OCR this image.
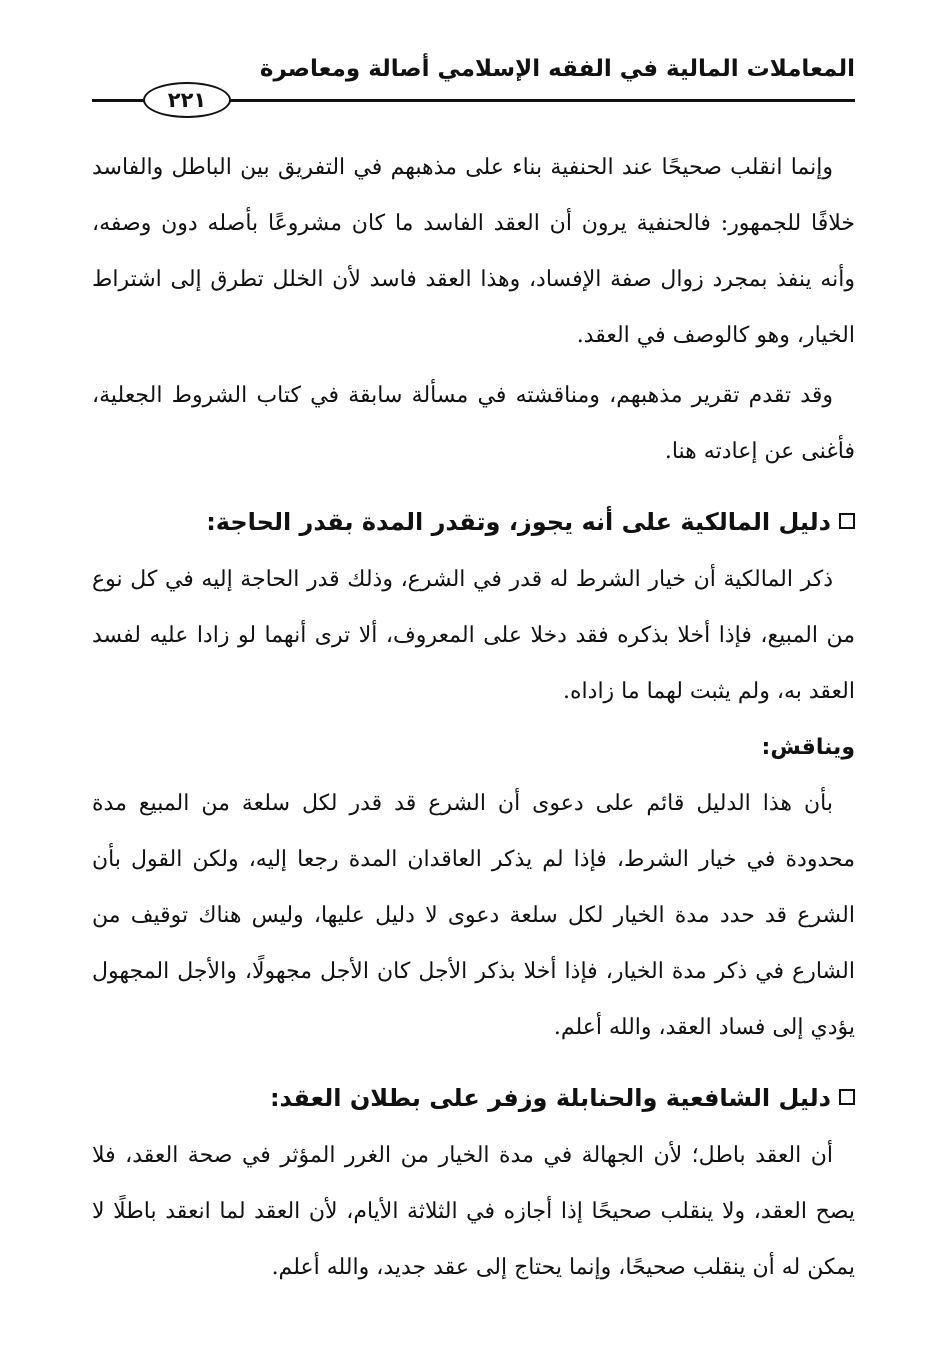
المعاملات المالية في الفقه الإسلامي أصالة ومعاصرة
٢٢١

وإنما انقلب صحيحًا عند الحنفية بناء على مذهبهم في التفريق بين الباطل والفاسد خلافًا للجمهور: فالحنفية يرون أن العقد الفاسد ما كان مشروعًا بأصله دون وصفه، وأنه ينفذ بمجرد زوال صفة الإفساد، وهذا العقد فاسد لأن الخلل تطرق إلى اشتراط الخيار، وهو كالوصف في العقد.

وقد تقدم تقرير مذهبهم، ومناقشته في مسألة سابقة في كتاب الشروط الجعلية، فأغنى عن إعادته هنا.

دليل المالكية على أنه يجوز، وتقدر المدة بقدر الحاجة:

ذكر المالكية أن خيار الشرط له قدر في الشرع، وذلك قدر الحاجة إليه في كل نوع من المبيع، فإذا أخلا بذكره فقد دخلا على المعروف، ألا ترى أنهما لو زادا عليه لفسد العقد به، ولم يثبت لهما ما زاداه.

ويناقش:

بأن هذا الدليل قائم على دعوى أن الشرع قد قدر لكل سلعة من المبيع مدة محدودة في خيار الشرط، فإذا لم يذكر العاقدان المدة رجعا إليه، ولكن القول بأن الشرع قد حدد مدة الخيار لكل سلعة دعوى لا دليل عليها، وليس هناك توقيف من الشارع في ذكر مدة الخيار، فإذا أخلا بذكر الأجل كان الأجل مجهولًا، والأجل المجهول يؤدي إلى فساد العقد، والله أعلم.

دليل الشافعية والحنابلة وزفر على بطلان العقد:

أن العقد باطل؛ لأن الجهالة في مدة الخيار من الغرر المؤثر في صحة العقد، فلا يصح العقد، ولا ينقلب صحيحًا إذا أجازه في الثلاثة الأيام، لأن العقد لما انعقد باطلًا لا يمكن له أن ينقلب صحيحًا، وإنما يحتاج إلى عقد جديد، والله أعلم.
